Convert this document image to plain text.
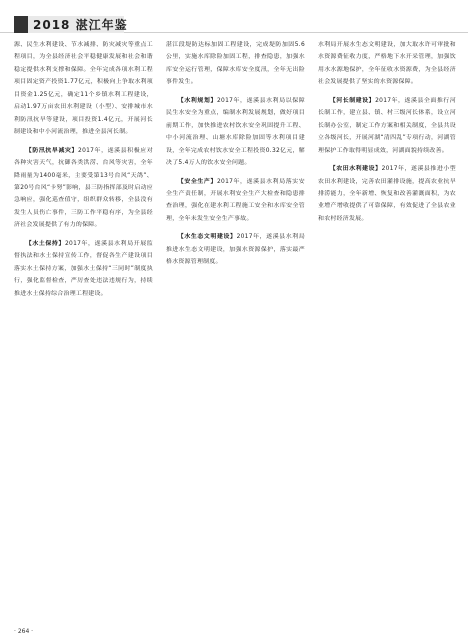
2018 湛江年鉴

源、民生水利建设、节水减排、防灾减灾等重点工程项目，为全县经济社会平稳健康发展和社会和谐稳定提供水利支撑和保障。全年完成各项水利工程项目固定资产投资1.77亿元，积极向上争取水利项目资金1.25亿元，确定11个乡镇水利工程建设，启动1.97万亩农田水利建设（小型）、安排城市水利防汛抗旱等建设，项目投资1.4亿元，开展河长制建设和中小河流治理，推进全县河长制。

【防汛抗旱减灾】2017年，遂溪县积极应对各种灾害天气，抗御各类洪涝、台风等灾害，全年降雨量为1400毫米，主要受第13号台风“天鸽”、第20号台风“卡努”影响，县三防指挥部及时启动应急响应，强化巡查值守，组织群众转移，全县没有发生人员伤亡事件，三防工作平稳有序，为全县经济社会发展提供了有力的保障。

【水土保持】2017年，遂溪县水利局开展监督执法和水土保持宣传工作，督促各生产建设项目落实水土保持方案，加强水土保持“三同时”制度执行，强化监督检查，严厉查处违法违规行为，持续推进水土保持综合治理工程建设。

湛江段堤防达标加固工程建设，完成堤防加固5.6公里，实施水库除险加固工程，排查隐患，加强水库安全运行管理，保障水库安全度汛，全年无出险事件发生。

【水利规划】2017年，遂溪县水利局以保障民生水安全为重点，编制水利发展规划，做好项目前期工作，加快推进农村饮水安全巩固提升工程、中小河流治理、山塘水库除险加固等水利项目建设，全年完成农村饮水安全工程投资0.32亿元，解决了5.4万人的饮水安全问题。

【安全生产】2017年，遂溪县水利局落实安全生产责任制，开展水利安全生产大检查和隐患排查治理，强化在建水利工程施工安全和水库安全管理，全年未发生安全生产事故。

【水生态文明建设】2017年，遂溪县水利局推进水生态文明建设，加强水资源保护，落实最严格水资源管理制度。

水利局开展水生态文明建设，加大取水许可审批和水资源费征收力度，严格地下水开采管理，加强饮用水水源地保护，全年征收水资源费，为全县经济社会发展提供了坚实的水资源保障。

【河长制建设】2017年，遂溪县全面推行河长制工作，建立县、镇、村三级河长体系，设立河长制办公室，制定工作方案和相关制度，全县共设立各级河长，开展河湖“清四乱”专项行动，河湖管理保护工作取得明显成效，河湖面貌持续改善。

【农田水利建设】2017年，遂溪县推进小型农田水利建设，完善农田灌排设施，提高农业抗旱排涝能力，全年新增、恢复和改善灌溉面积，为农业增产增收提供了可靠保障，有效促进了全县农业和农村经济发展。

· 264 ·
